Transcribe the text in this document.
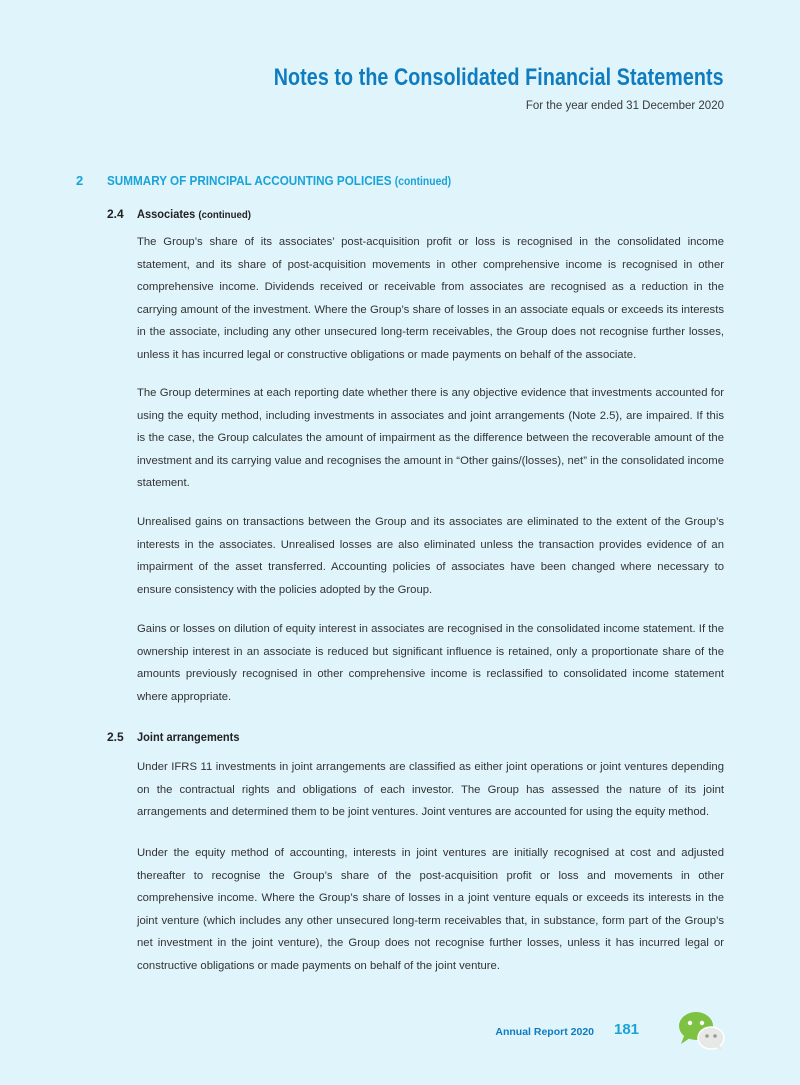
Notes to the Consolidated Financial Statements
For the year ended 31 December 2020
2 SUMMARY OF PRINCIPAL ACCOUNTING POLICIES (continued)
2.4 Associates (continued)

The Group’s share of its associates’ post-acquisition profit or loss is recognised in the consolidated income statement, and its share of post-acquisition movements in other comprehensive income is recognised in other comprehensive income. Dividends received or receivable from associates are recognised as a reduction in the carrying amount of the investment. Where the Group’s share of losses in an associate equals or exceeds its interests in the associate, including any other unsecured long-term receivables, the Group does not recognise further losses, unless it has incurred legal or constructive obligations or made payments on behalf of the associate.

The Group determines at each reporting date whether there is any objective evidence that investments accounted for using the equity method, including investments in associates and joint arrangements (Note 2.5), are impaired. If this is the case, the Group calculates the amount of impairment as the difference between the recoverable amount of the investment and its carrying value and recognises the amount in “Other gains/(losses), net” in the consolidated income statement.

Unrealised gains on transactions between the Group and its associates are eliminated to the extent of the Group’s interests in the associates. Unrealised losses are also eliminated unless the transaction provides evidence of an impairment of the asset transferred. Accounting policies of associates have been changed where necessary to ensure consistency with the policies adopted by the Group.

Gains or losses on dilution of equity interest in associates are recognised in the consolidated income statement. If the ownership interest in an associate is reduced but significant influence is retained, only a proportionate share of the amounts previously recognised in other comprehensive income is reclassified to consolidated income statement where appropriate.

2.5 Joint arrangements

Under IFRS 11 investments in joint arrangements are classified as either joint operations or joint ventures depending on the contractual rights and obligations of each investor. The Group has assessed the nature of its joint arrangements and determined them to be joint ventures. Joint ventures are accounted for using the equity method.

Under the equity method of accounting, interests in joint ventures are initially recognised at cost and adjusted thereafter to recognise the Group’s share of the post-acquisition profit or loss and movements in other comprehensive income. Where the Group’s share of losses in a joint venture equals or exceeds its interests in the joint venture (which includes any other unsecured long-term receivables that, in substance, form part of the Group’s net investment in the joint venture), the Group does not recognise further losses, unless it has incurred legal or constructive obligations or made payments on behalf of the joint venture.

Annual Report 2020 181
